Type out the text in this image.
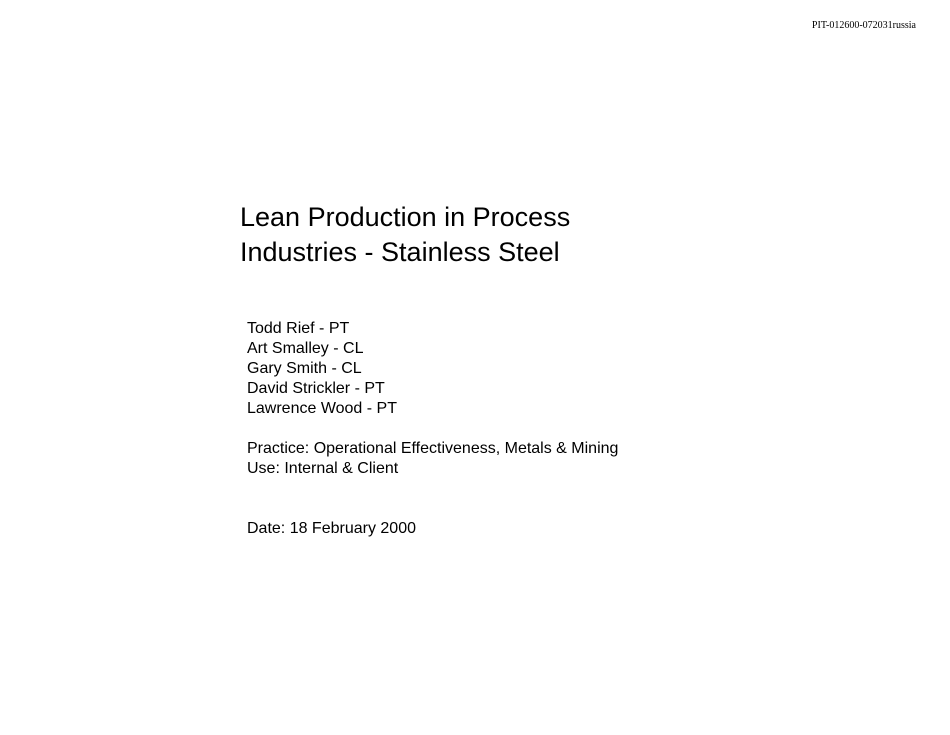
PIT-012600-072031russia
Lean Production in Process
Industries - Stainless Steel
Todd Rief - PT
Art Smalley - CL
Gary Smith - CL
David Strickler - PT
Lawrence Wood - PT
Practice: Operational Effectiveness, Metals & Mining
Use: Internal & Client
Date: 18 February 2000
